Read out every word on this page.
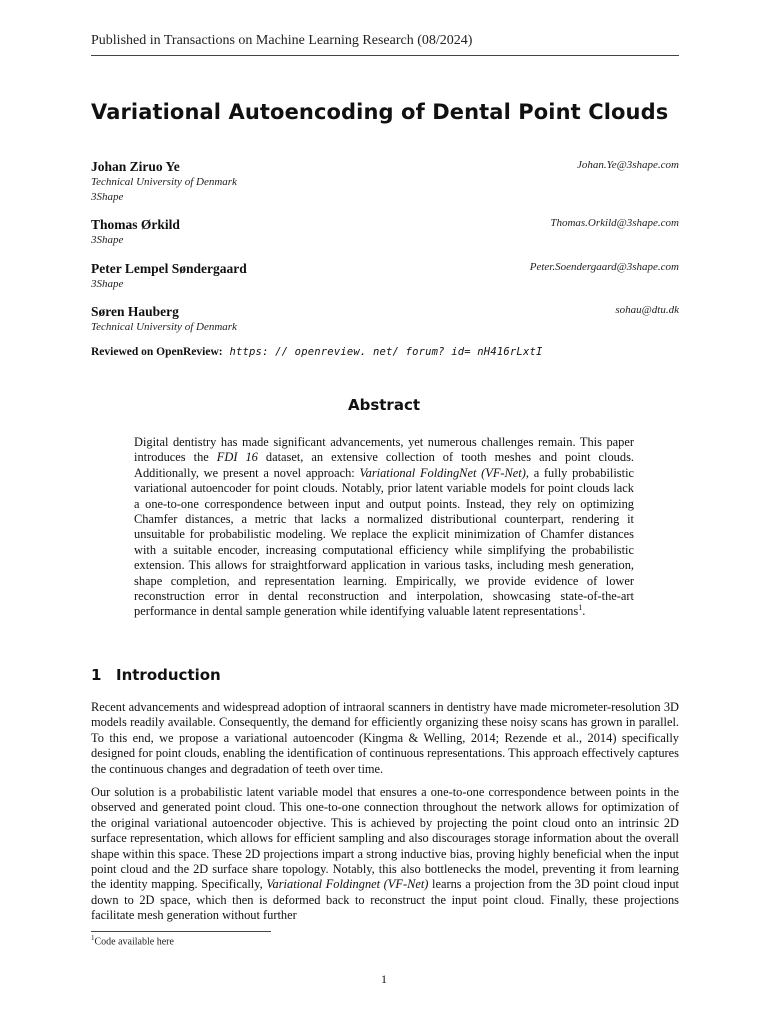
Published in Transactions on Machine Learning Research (08/2024)
Variational Autoencoding of Dental Point Clouds
Johan Ziruo Ye	Johan.Ye@3shape.com
Technical University of Denmark
3Shape
Thomas Ørkild	Thomas.Orkild@3shape.com
3Shape
Peter Lempel Søndergaard	Peter.Soendergaard@3shape.com
3Shape
Søren Hauberg	sohau@dtu.dk
Technical University of Denmark
Reviewed on OpenReview: https: // openreview. net/ forum? id= nH416rLxtI
Abstract
Digital dentistry has made significant advancements, yet numerous challenges remain. This paper introduces the FDI 16 dataset, an extensive collection of tooth meshes and point clouds. Additionally, we present a novel approach: Variational FoldingNet (VF-Net), a fully probabilistic variational autoencoder for point clouds. Notably, prior latent variable models for point clouds lack a one-to-one correspondence between input and output points. Instead, they rely on optimizing Chamfer distances, a metric that lacks a normalized distributional counterpart, rendering it unsuitable for probabilistic modeling. We replace the explicit minimization of Chamfer distances with a suitable encoder, increasing computational efficiency while simplifying the probabilistic extension. This allows for straightforward application in various tasks, including mesh generation, shape completion, and representation learning. Empirically, we provide evidence of lower reconstruction error in dental reconstruction and interpolation, showcasing state-of-the-art performance in dental sample generation while identifying valuable latent representations$^1$.
1 Introduction
Recent advancements and widespread adoption of intraoral scanners in dentistry have made micrometer-resolution 3D models readily available. Consequently, the demand for efficiently organizing these noisy scans has grown in parallel. To this end, we propose a variational autoencoder (Kingma & Welling, 2014; Rezende et al., 2014) specifically designed for point clouds, enabling the identification of continuous representations. This approach effectively captures the continuous changes and degradation of teeth over time.
Our solution is a probabilistic latent variable model that ensures a one-to-one correspondence between points in the observed and generated point cloud. This one-to-one connection throughout the network allows for optimization of the original variational autoencoder objective. This is achieved by projecting the point cloud onto an intrinsic 2D surface representation, which allows for efficient sampling and also discourages storage information about the overall shape within this space. These 2D projections impart a strong inductive bias, proving highly beneficial when the input point cloud and the 2D surface share topology. Notably, this also bottlenecks the model, preventing it from learning the identity mapping. Specifically, Variational Foldingnet (VF-Net) learns a projection from the 3D point cloud input down to 2D space, which then is deformed back to reconstruct the input point cloud. Finally, these projections facilitate mesh generation without further
$^1$Code available here
1
